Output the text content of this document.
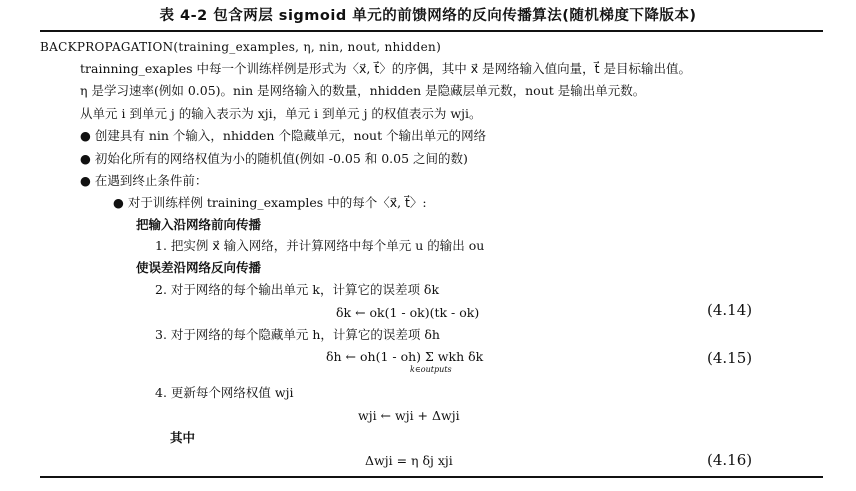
表 4-2 包含两层 sigmoid 单元的前馈网络的反向传播算法(随机梯度下降版本)
BACKPROPAGATION(training_examples, η, nin, nout, nhidden)
trainning_exaples 中每一个训练样例是形式为〈x⃗, t⃗〉的序偶，其中 x⃗ 是网络输入值向量，t⃗ 是目标输出值。
η 是学习速率(例如 0.05)。nin 是网络输入的数量，nhidden 是隐藏层单元数，nout 是输出单元数。
从单元 i 到单元 j 的输入表示为 xji，单元 i 到单元 j 的权值表示为 wji。
● 创建具有 nin 个输入，nhidden 个隐藏单元，nout 个输出单元的网络
● 初始化所有的网络权值为小的随机值(例如 -0.05 和 0.05 之间的数)
● 在遇到终止条件前：
● 对于训练样例 training_examples 中的每个〈x⃗, t⃗〉:
把输入沿网络前向传播
1. 把实例 x⃗ 输入网络，并计算网络中每个单元 u 的输出 ou
使误差沿网络反向传播
2. 对于网络的每个输出单元 k，计算它的误差项 δk
δk ← ok(1 - ok)(tk - ok)	(4.14)
3. 对于网络的每个隐藏单元 h，计算它的误差项 δh
δh ← oh(1 - oh) Σ wkh δk
k∈outputs
(4.15)
4. 更新每个网络权值 wji
wji ← wji + Δwji
其中
Δwji = η δj xji	(4.16)
